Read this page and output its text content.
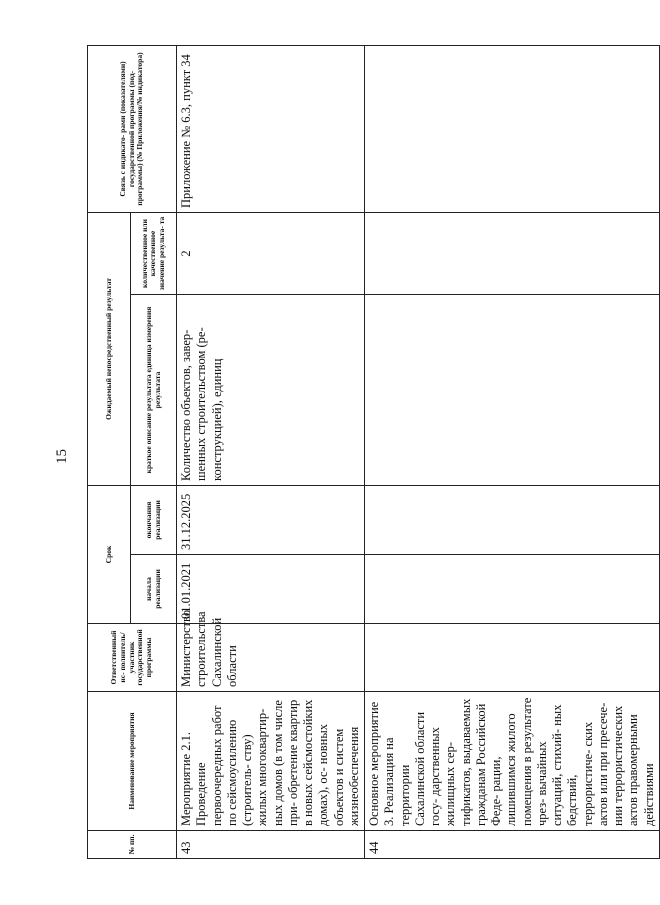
15
№ пп.	Наименование мероприятия	Ответственный ис- полнитель/участник государственной программы	Срок		Ожидаемый непосредственный результат		Связь с индикато- рами (показателями) государственной программы (под- программы) (№ Приложения/№ индикатора)
			начала реализации	окончания реализации	краткое описание результата единица измерения результата	количественное или качественное значение результа- та	
43	Мероприятие 2.1. Проведение первоочередных работ по сейсмоусилению (строитель- ству) жилых многоквартир- ных домов (в том числе при- обретение квартир в новых сейсмостойких домах), ос- новных объектов и систем жизнеобеспечения	Министерство строительства Сахалинской области	01.01.2021	31.12.2025	Количество объектов, завер- шенных строительством (ре- конструкцией), единиц	2	Приложение № 6.3, пункт 34
44	Основное мероприятие 3. Реализация на территории Сахалинской области госу- дарственных жилищных сер- тификатов, выдаваемых гражданам Российской Феде- рации, лишившимся жилого помещения в результате чрез- вычайных ситуаций, стихий- ных бедствий, террористиче- ских актов или при пресече- нии террористических актов правомерными действиями						
